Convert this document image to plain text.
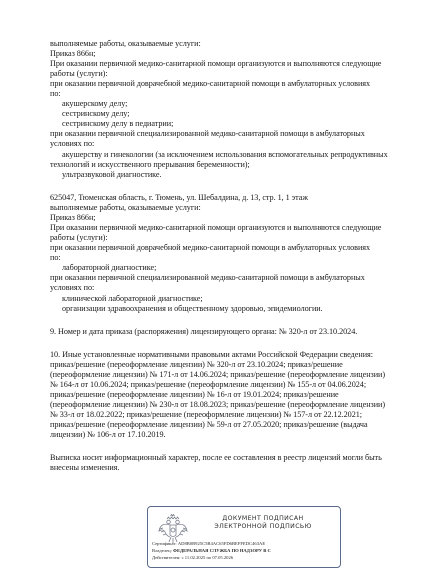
выполняемые работы, оказываемые услуги:
Приказ 866н;
При оказании первичной медико-санитарной помощи организуются и выполняются следующие
работы (услуги):
при оказании первичной доврачебной медико-санитарной помощи в амбулаторных условиях
по:
акушерскому делу;
сестринскому делу;
сестринскому делу в педиатрии;
при оказании первичной специализированной медико-санитарной помощи в амбулаторных
условиях по:
акушерству и гинекологии (за исключением использования вспомогательных репродуктивных
технологий и искусственного прерывания беременности);
ультразвуковой диагностике.
625047, Тюменская область, г. Тюмень, ул. Шебалдина, д. 13, стр. 1, 1 этаж
выполняемые работы, оказываемые услуги:
Приказ 866н;
При оказании первичной медико-санитарной помощи организуются и выполняются следующие
работы (услуги):
при оказании первичной доврачебной медико-санитарной помощи в амбулаторных условиях
по:
лабораторной диагностике;
при оказании первичной специализированной медико-санитарной помощи в амбулаторных
условиях по:
клинической лабораторной диагностике;
организации здравоохранения и общественному здоровью, эпидемиологии.
9. Номер и дата приказа (распоряжения) лицензирующего органа: № 320-л от 23.10.2024.
10. Иные установленные нормативными правовыми актами Российской Федерации сведения:
приказ/решение (переоформление лицензии) № 320-л от 23.10.2024; приказ/решение
(переоформление лицензии) № 171-л от 14.06.2024; приказ/решение (переоформление лицензии)
№ 164-л от 10.06.2024; приказ/решение (переоформление лицензии) № 155-л от 04.06.2024;
приказ/решение (переоформление лицензии) № 16-л от 19.01.2024; приказ/решение
(переоформление лицензии) № 230-л от 18.08.2023; приказ/решение (переоформление лицензии)
№ 33-л от 18.02.2022; приказ/решение (переоформление лицензии) № 157-л от 22.12.2021;
приказ/решение (переоформление лицензии) № 59-л от 27.05.2020; приказ/решение (выдача
лицензии) № 106-л от 17.10.2019.
Выписка носит информационный характер, после ее составления в реестр лицензий могли быть
внесены изменения.
ДОКУМЕНТ ПОДПИСАН
ЭЛЕКТРОННОЙ ПОДПИСЬЮ
Сертификат: AD8B0B925C5B4AC65FD6BEFFEDC463AE
Владелец: ФЕДЕРАЛЬНАЯ СЛУЖБА ПО НАДЗОРУ В С
Действителен: с 11.02.2025 по 07.05.2026
